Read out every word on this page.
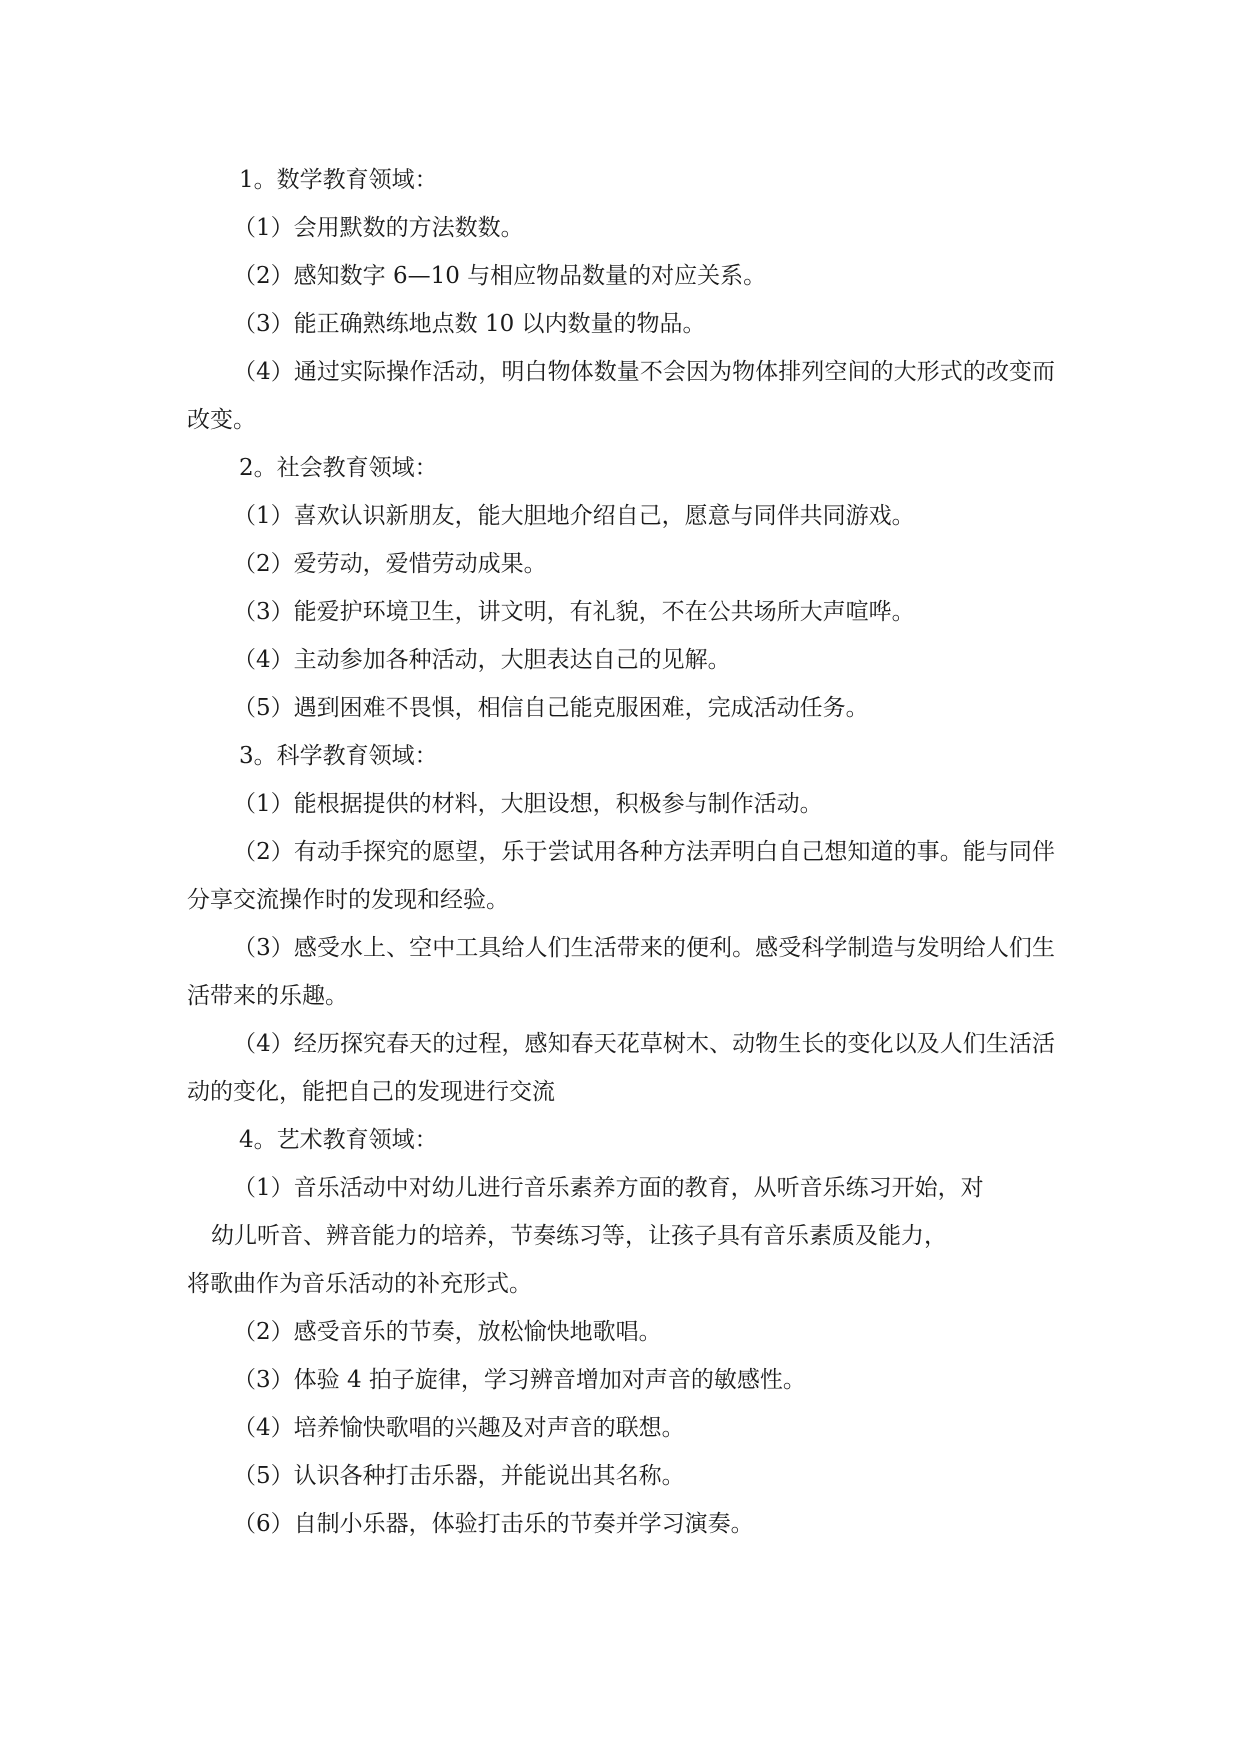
1。数学教育领域：

（1）会用默数的方法数数。

（2）感知数字 6—10 与相应物品数量的对应关系。

（3）能正确熟练地点数 10 以内数量的物品。

（4）通过实际操作活动，明白物体数量不会因为物体排列空间的大形式的改变而改变。

2。社会教育领域：

（1）喜欢认识新朋友，能大胆地介绍自己，愿意与同伴共同游戏。

（2）爱劳动，爱惜劳动成果。

（3）能爱护环境卫生，讲文明，有礼貌，不在公共场所大声喧哗。

（4）主动参加各种活动，大胆表达自己的见解。

（5）遇到困难不畏惧，相信自己能克服困难，完成活动任务。

3。科学教育领域：

（1）能根据提供的材料，大胆设想，积极参与制作活动。

（2）有动手探究的愿望，乐于尝试用各种方法弄明白自己想知道的事。能与同伴分享交流操作时的发现和经验。

（3）感受水上、空中工具给人们生活带来的便利。感受科学制造与发明给人们生活带来的乐趣。

（4）经历探究春天的过程，感知春天花草树木、动物生长的变化以及人们生活活动的变化，能把自己的发现进行交流

4。艺术教育领域：

（1）音乐活动中对幼儿进行音乐素养方面的教育，从听音乐练习开始，对

幼儿听音、辨音能力的培养，节奏练习等，让孩子具有音乐素质及能力，

将歌曲作为音乐活动的补充形式。

（2）感受音乐的节奏，放松愉快地歌唱。

（3）体验 4 拍子旋律，学习辨音增加对声音的敏感性。

（4）培养愉快歌唱的兴趣及对声音的联想。

（5）认识各种打击乐器，并能说出其名称。

（6）自制小乐器，体验打击乐的节奏并学习演奏。
